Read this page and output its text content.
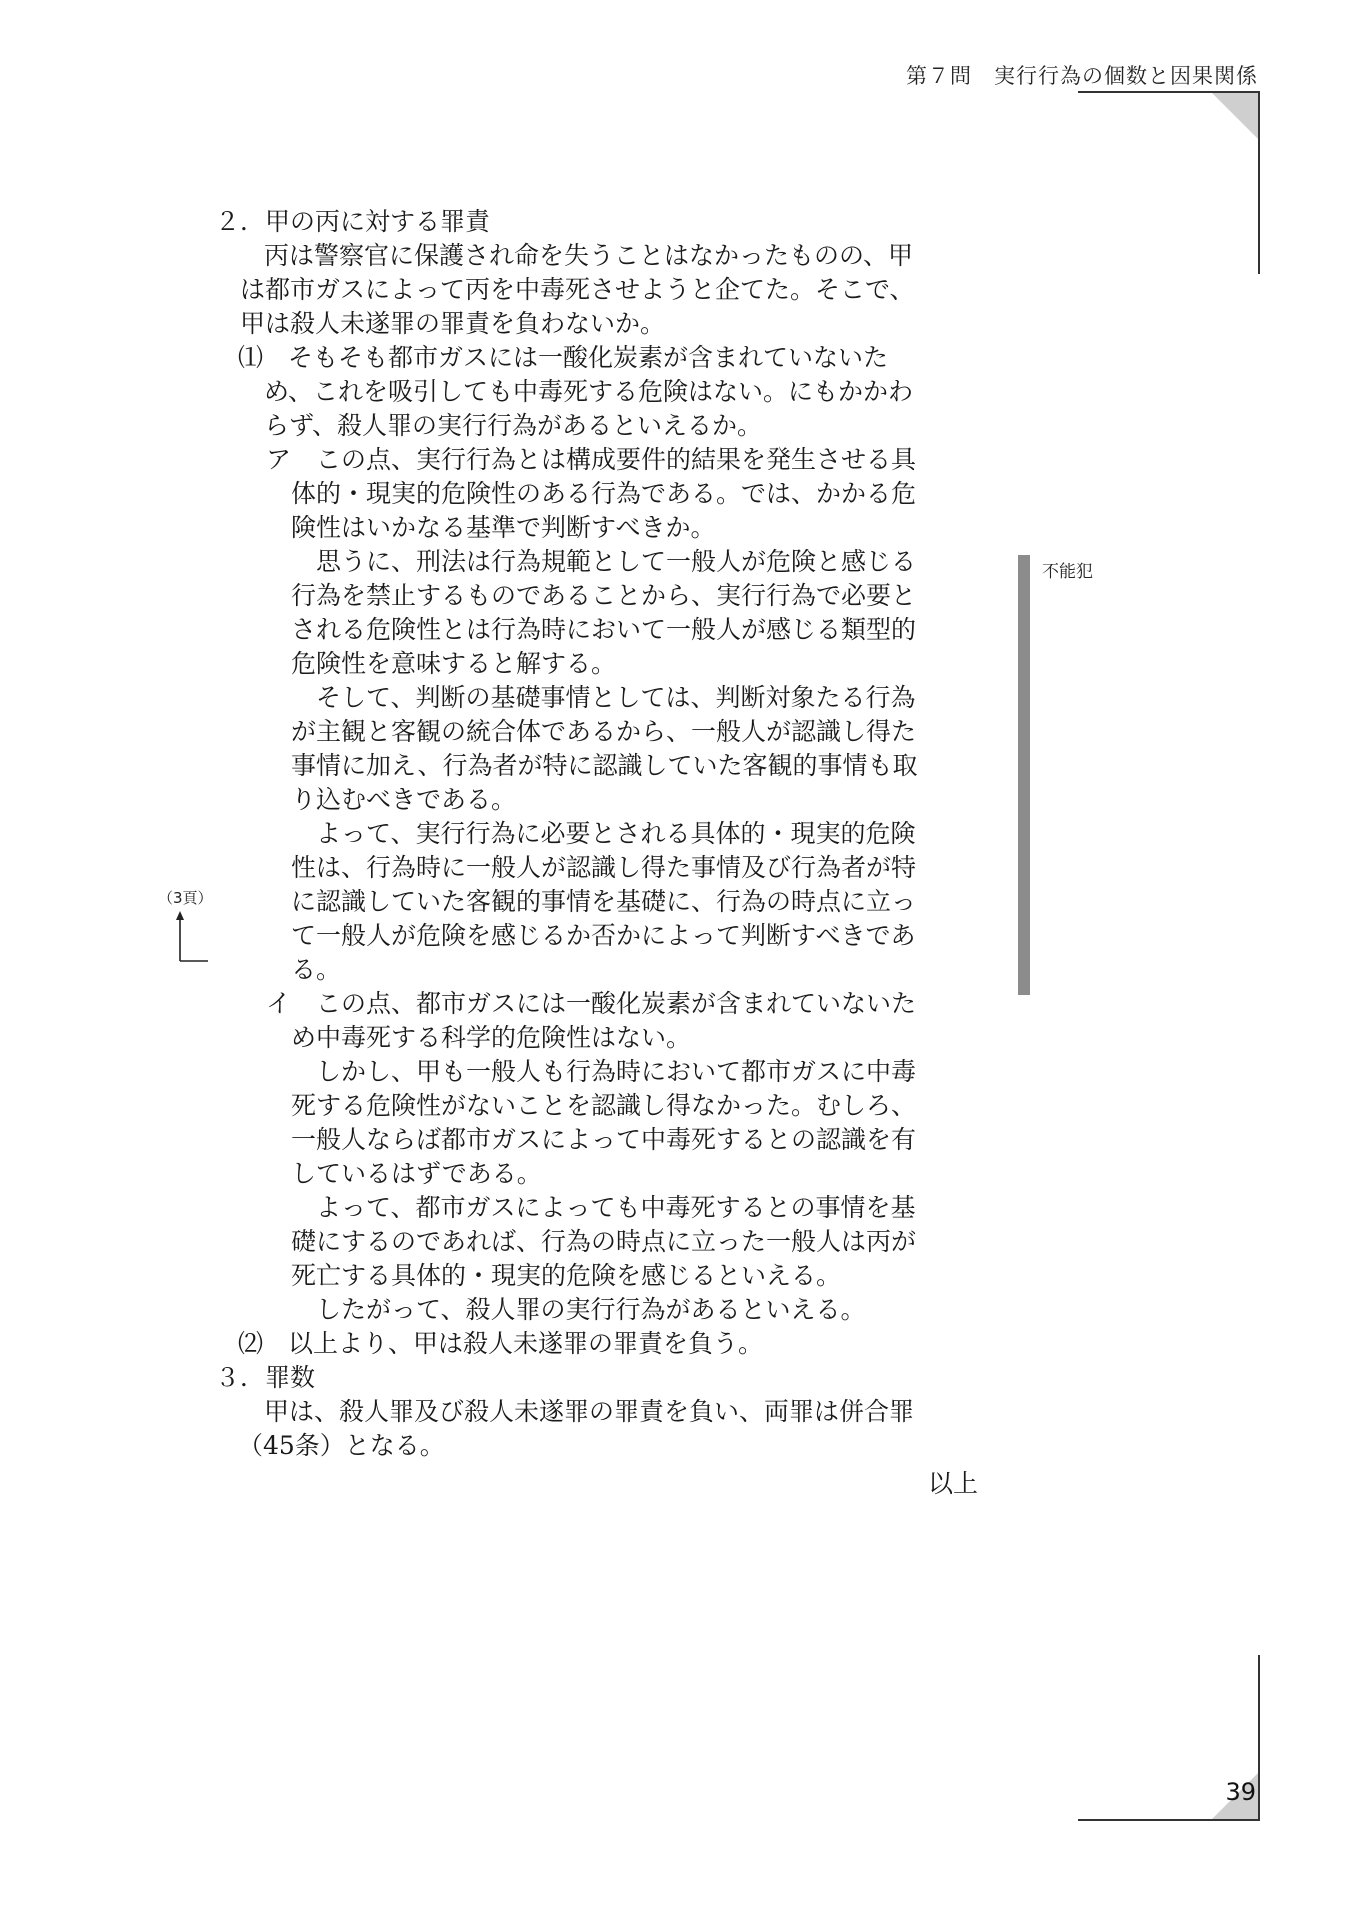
第７問　実行行為の個数と因果関係
不能犯
（3頁）
２．甲の丙に対する罪責
丙は警察官に保護され命を失うことはなかったものの、甲
は都市ガスによって丙を中毒死させようと企てた。そこで、
甲は殺人未遂罪の罪責を負わないか。
⑴　そもそも都市ガスには一酸化炭素が含まれていないた
め、これを吸引しても中毒死する危険はない。にもかかわ
らず、殺人罪の実行行為があるといえるか。
ア　この点、実行行為とは構成要件的結果を発生させる具
体的・現実的危険性のある行為である。では、かかる危
険性はいかなる基準で判断すべきか。
思うに、刑法は行為規範として一般人が危険と感じる
行為を禁止するものであることから、実行行為で必要と
される危険性とは行為時において一般人が感じる類型的
危険性を意味すると解する。
そして、判断の基礎事情としては、判断対象たる行為
が主観と客観の統合体であるから、一般人が認識し得た
事情に加え、行為者が特に認識していた客観的事情も取
り込むべきである。
よって、実行行為に必要とされる具体的・現実的危険
性は、行為時に一般人が認識し得た事情及び行為者が特
に認識していた客観的事情を基礎に、行為の時点に立っ
て一般人が危険を感じるか否かによって判断すべきであ
る。
イ　この点、都市ガスには一酸化炭素が含まれていないた
め中毒死する科学的危険性はない。
しかし、甲も一般人も行為時において都市ガスに中毒
死する危険性がないことを認識し得なかった。むしろ、
一般人ならば都市ガスによって中毒死するとの認識を有
しているはずである。
よって、都市ガスによっても中毒死するとの事情を基
礎にするのであれば、行為の時点に立った一般人は丙が
死亡する具体的・現実的危険を感じるといえる。
したがって、殺人罪の実行行為があるといえる。
⑵　以上より、甲は殺人未遂罪の罪責を負う。
３．罪数
甲は、殺人罪及び殺人未遂罪の罪責を負い、両罪は併合罪
（45条）となる。
以上
39
